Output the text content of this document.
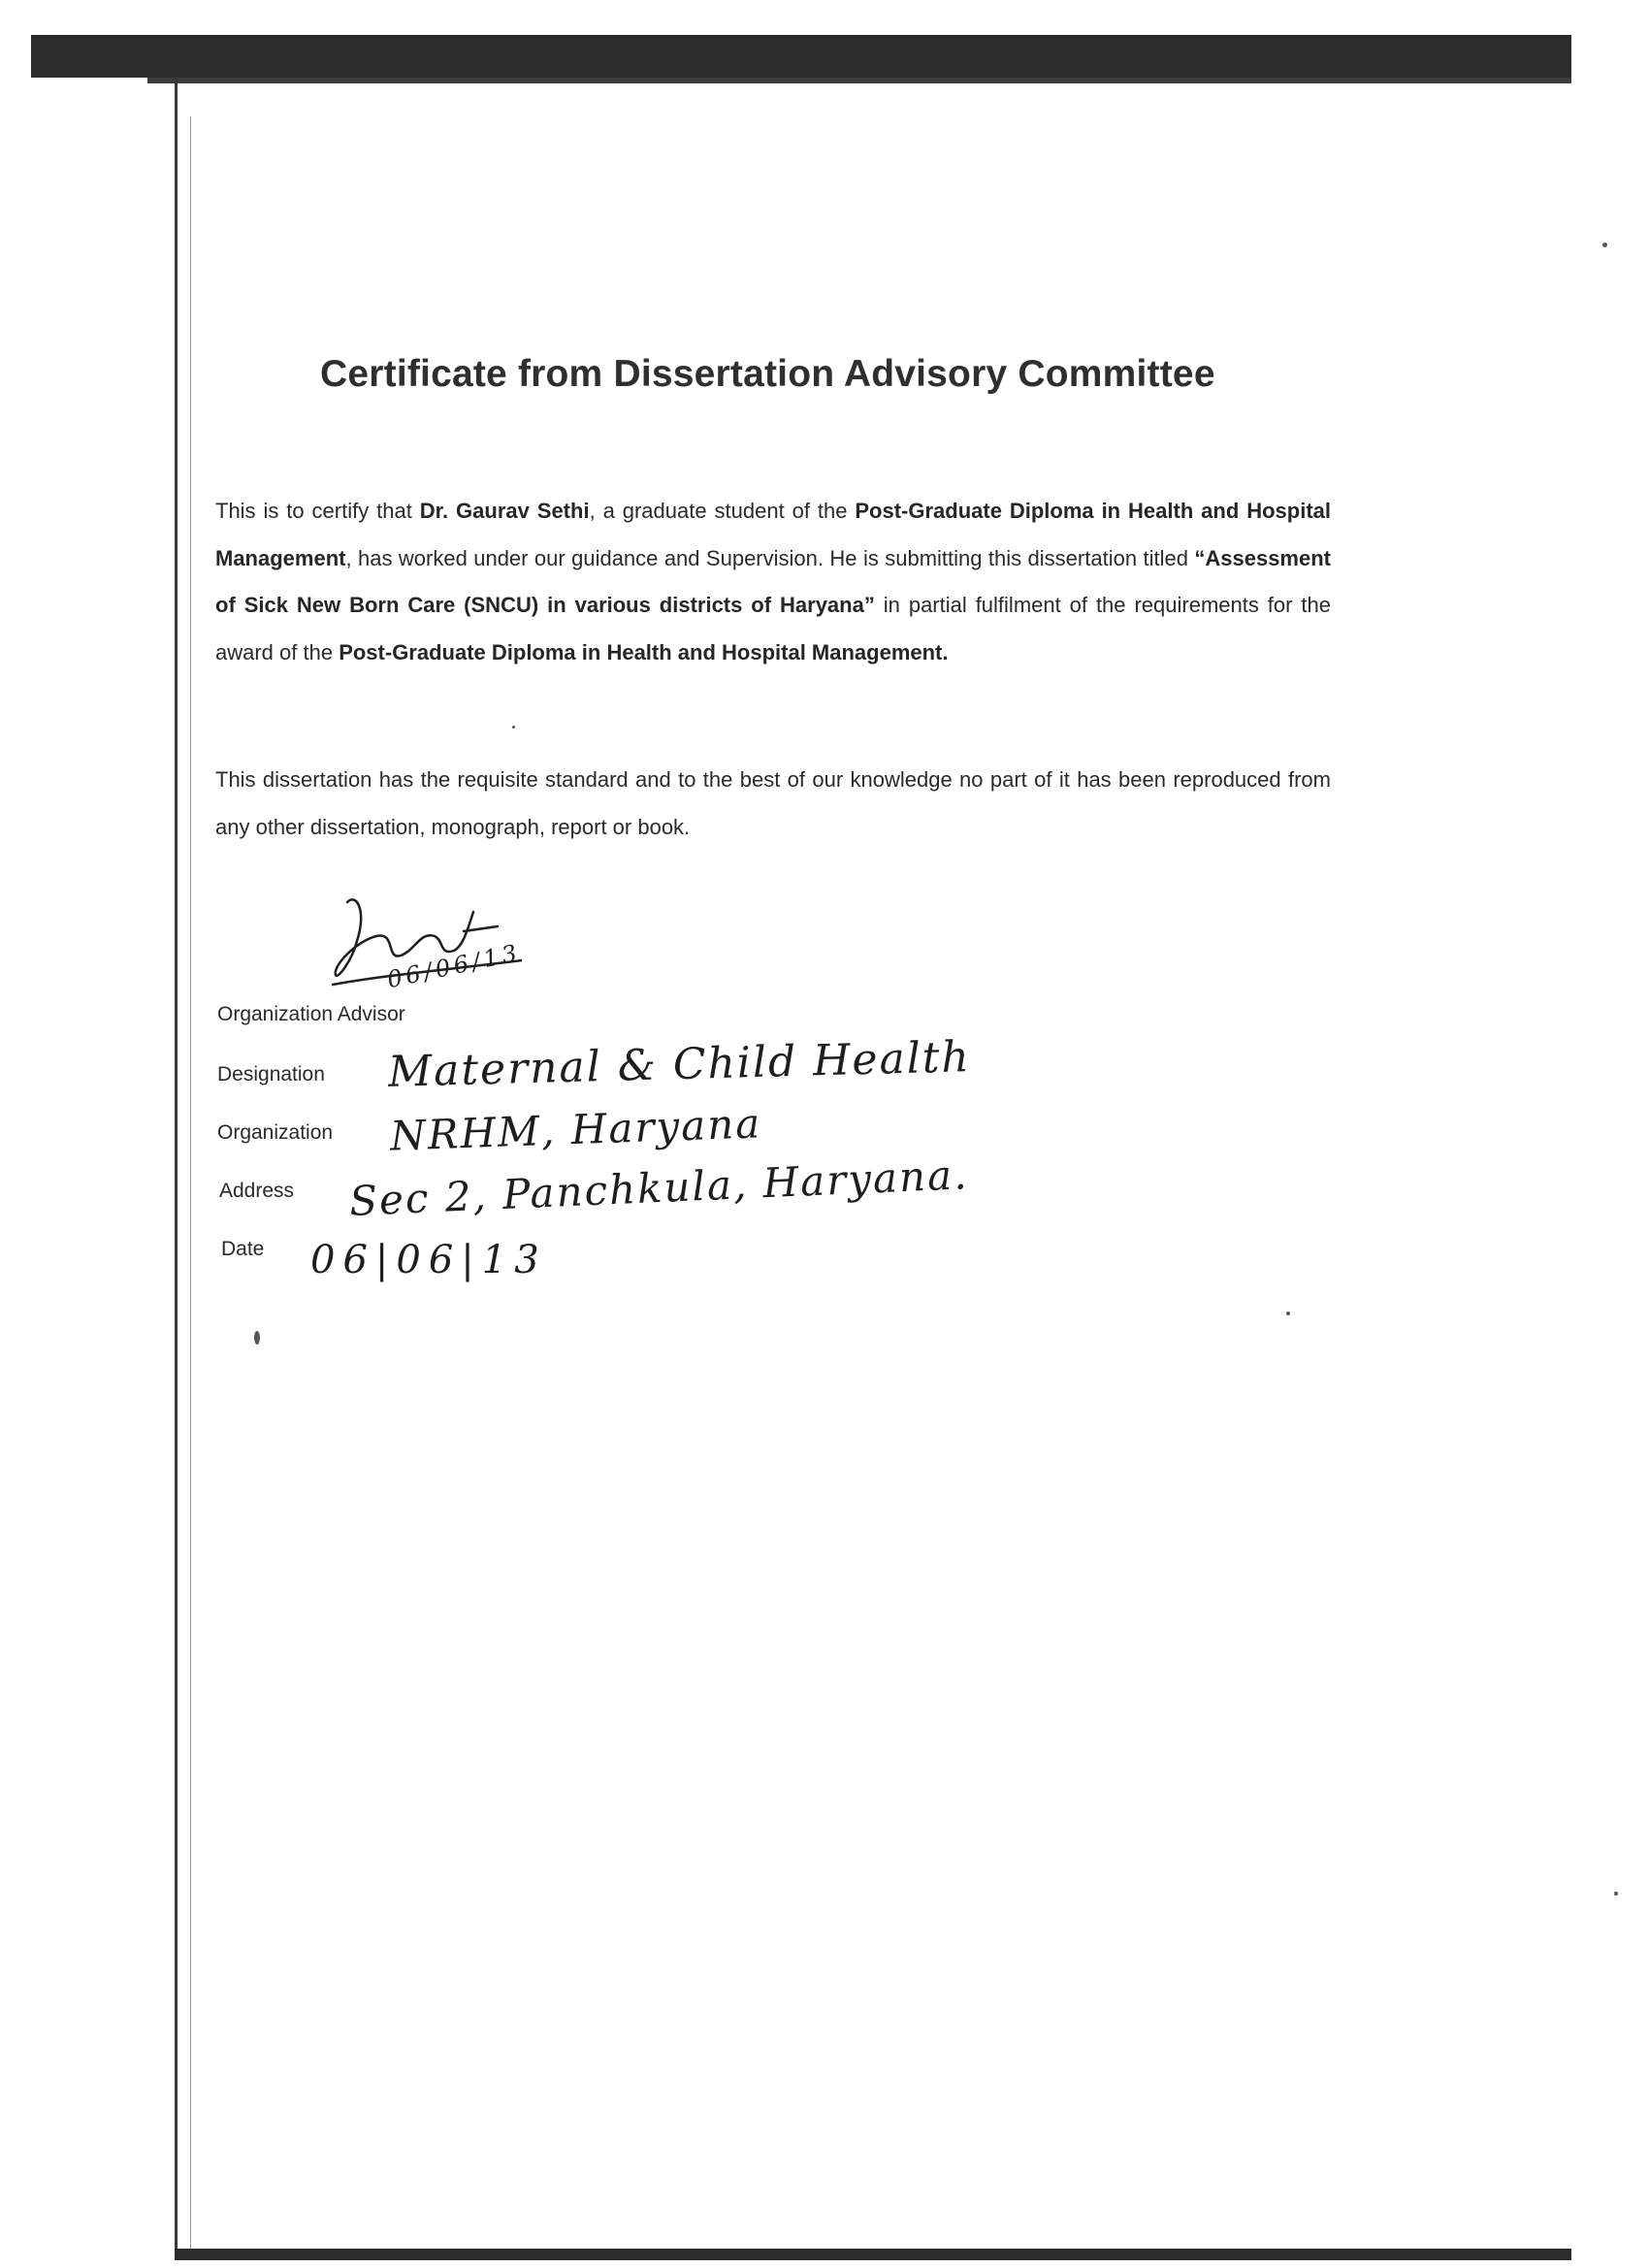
Certificate from Dissertation Advisory Committee
This is to certify that Dr. Gaurav Sethi, a graduate student of the Post-Graduate Diploma in Health and Hospital Management, has worked under our guidance and Supervision. He is submitting this dissertation titled “Assessment of Sick New Born Care (SNCU) in various districts of Haryana” in partial fulfilment of the requirements for the award of the Post-Graduate Diploma in Health and Hospital Management.
This dissertation has the requisite standard and to the best of our knowledge no part of it has been reproduced from any other dissertation, monograph, report or book.
06/06/13
Organization Advisor
Designation Maternal & Child Health
Organization NRHM, Haryana
Address Sec 2, Panchkula, Haryana.
Date 06|06|13
